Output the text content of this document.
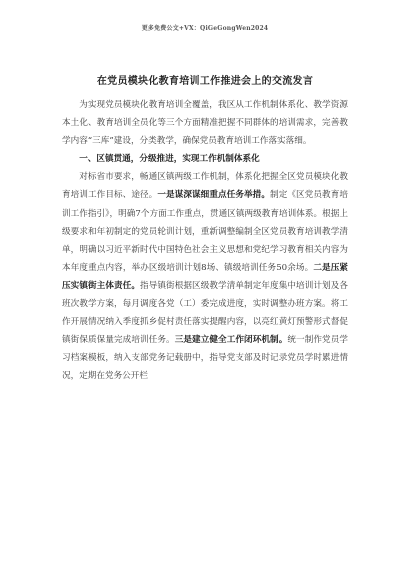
更多免费公文+VX：QiGeGongWen2024
在党员模块化教育培训工作推进会上的交流发言

为实现党员模块化教育培训全覆盖，我区从工作机制体系化、教学资源本土化、教育培训全员化等三个方面精准把握不同群体的培训需求，完善教学内容“三库”建设，分类教学，确保党员教育培训工作落实落细。

一、区镇贯通，分级推进，实现工作机制体系化

对标省市要求，畅通区镇两级工作机制，体系化把握全区党员模块化教育培训工作目标、途径。一是谋深谋细重点任务举措。制定《区党员教育培训工作指引》，明确7个方面工作重点，贯通区镇两级教育培训体系。根据上级要求和年初制定的党员轮训计划，重新调整编制全区党员教育培训教学清单，明确以习近平新时代中国特色社会主义思想和党纪学习教育相关内容为本年度重点内容，举办区级培训计划8场、镇级培训任务50余场。二是压紧压实镇街主体责任。指导镇街根据区级教学清单制定年度集中培训计划及各班次教学方案，每月调度各党（工）委完成进度，实时调整办班方案。将工作开展情况纳入季度抓乡促村责任落实提醒内容，以亮红黄灯预警形式督促镇街保质保量完成培训任务。三是建立健全工作闭环机制。统一制作党员学习档案模板，纳入支部党务记载册中，指导党支部及时记录党员学时累进情况，定期在党务公开栏
